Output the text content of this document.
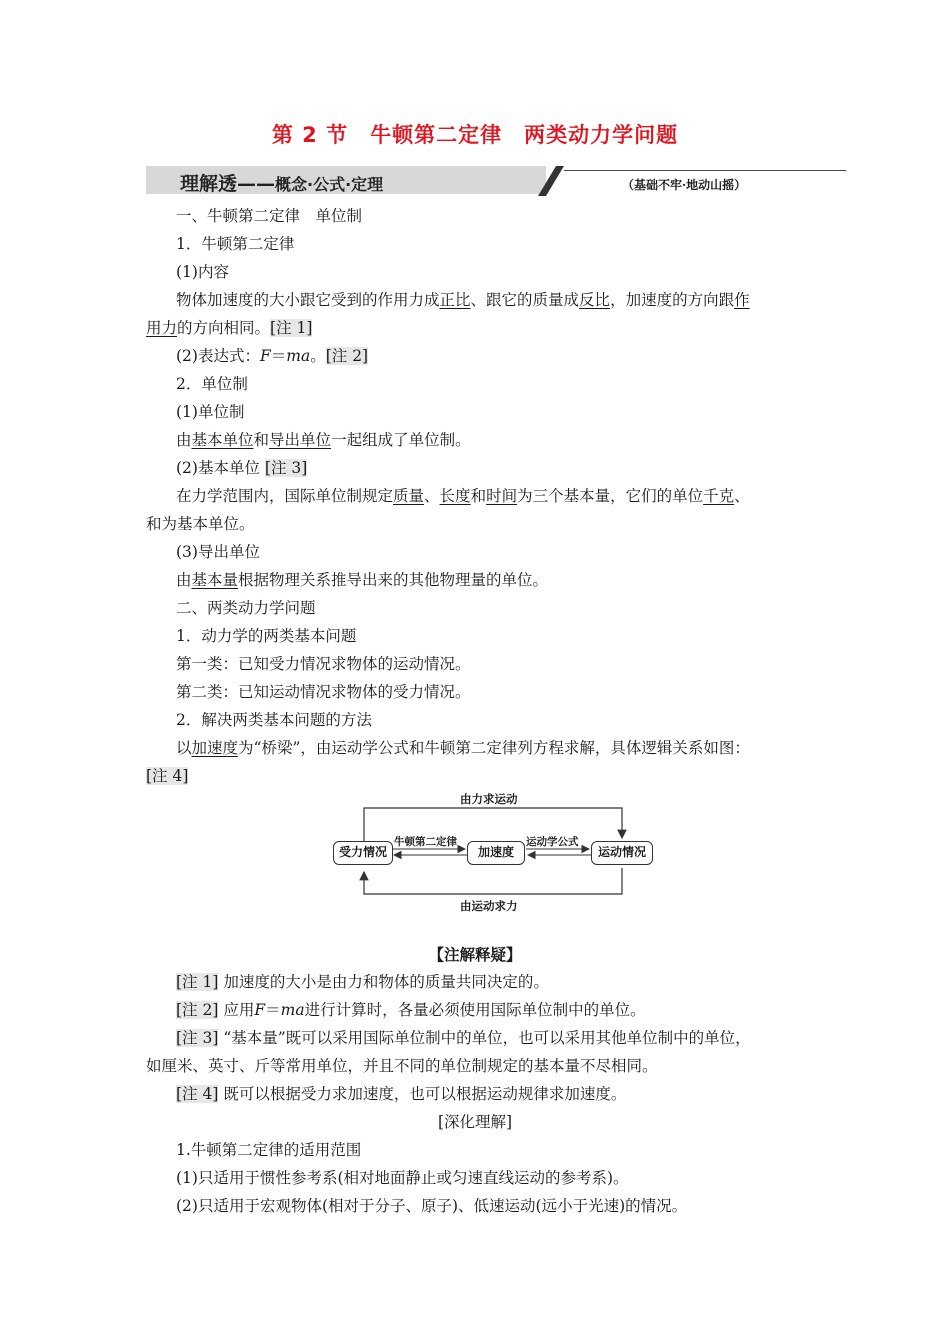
第 2 节　牛顿第二定律　两类动力学问题
理解透——概念·公式·定理	（基础不牢·地动山摇）
一、牛顿第二定律　单位制
1．牛顿第二定律
(1)内容
物体加速度的大小跟它受到的作用力成正比、跟它的质量成反比，加速度的方向跟作
用力的方向相同。[注 1]
(2)表达式：F＝ma。[注 2]
2．单位制
(1)单位制
由基本单位和导出单位一起组成了单位制。
(2)基本单位 [注 3]
在力学范围内，国际单位制规定质量、长度和时间为三个基本量，它们的单位千克、
和为基本单位。
(3)导出单位
由基本量根据物理关系推导出来的其他物理量的单位。
二、两类动力学问题
1．动力学的两类基本问题
第一类：已知受力情况求物体的运动情况。
第二类：已知运动情况求物体的受力情况。
2．解决两类基本问题的方法
以加速度为“桥梁”，由运动学公式和牛顿第二定律列方程求解，具体逻辑关系如图：
[注 4]
由力求运动
由运动求力
牛顿第二定律	运动学公式
受力情况	加速度	运动情况
【注解释疑】
[注 1] 加速度的大小是由力和物体的质量共同决定的。
[注 2] 应用F＝ma进行计算时，各量必须使用国际单位制中的单位。
[注 3] “基本量”既可以采用国际单位制中的单位，也可以采用其他单位制中的单位，
如厘米、英寸、斤等常用单位，并且不同的单位制规定的基本量不尽相同。
[注 4] 既可以根据受力求加速度，也可以根据运动规律求加速度。
[深化理解]
1.牛顿第二定律的适用范围
(1)只适用于惯性参考系(相对地面静止或匀速直线运动的参考系)。
(2)只适用于宏观物体(相对于分子、原子)、低速运动(远小于光速)的情况。
